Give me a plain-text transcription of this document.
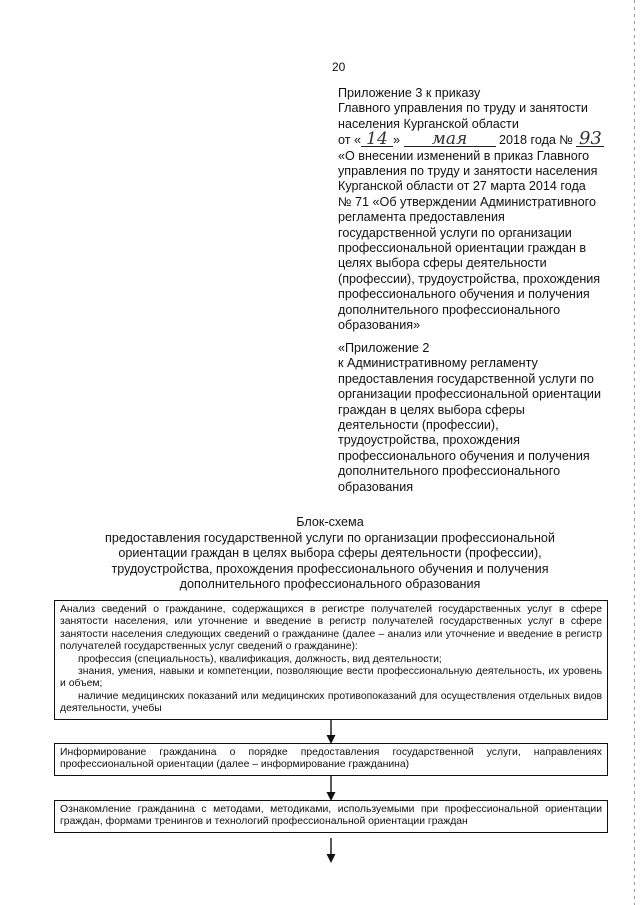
20

Приложение 3 к приказу

Главного управления по труду и занятости

населения Курганской области

от « 14 » мая	2018 года № 93

«О внесении изменений в приказ Главного

управления по труду и занятости населения

Курганской области от 27 марта 2014 года

№ 71 «Об утверждении Административного

регламента предоставления

государственной услуги по организации

профессиональной ориентации граждан в

целях выбора сферы деятельности

(профессии), трудоустройства, прохождения

профессионального обучения и получения

дополнительного профессионального

образования»

«Приложение 2

к Административному регламенту

предоставления государственной услуги по

организации профессиональной ориентации

граждан в целях выбора сферы

деятельности (профессии),

трудоустройства, прохождения

профессионального обучения и получения

дополнительного профессионального

образования

Блок-схема

предоставления государственной услуги по организации профессиональной

ориентации граждан в целях выбора сферы деятельности (профессии),

трудоустройства, прохождения профессионального обучения и получения

дополнительного профессионального образования

Анализ сведений о гражданине, содержащихся в регистре получателей государственных услуг в сфере занятости населения, или уточнение и введение в регистр получателей государственных услуг в сфере занятости населения следующих сведений о гражданине (далее – анализ или уточнение и введение в регистр получателей государственных услуг сведений о гражданине):

профессия (специальность), квалификация, должность, вид деятельности;

знания, умения, навыки и компетенции, позволяющие вести профессиональную деятельность, их уровень и объем;

наличие медицинских показаний или медицинских противопоказаний для осуществления отдельных видов деятельности, учебы

Информирование гражданина о порядке предоставления государственной услуги, направлениях профессиональной ориентации (далее – информирование гражданина)

Ознакомление гражданина с методами, методиками, используемыми при профессиональной ориентации граждан, формами тренингов и технологий профессиональной ориентации граждан
